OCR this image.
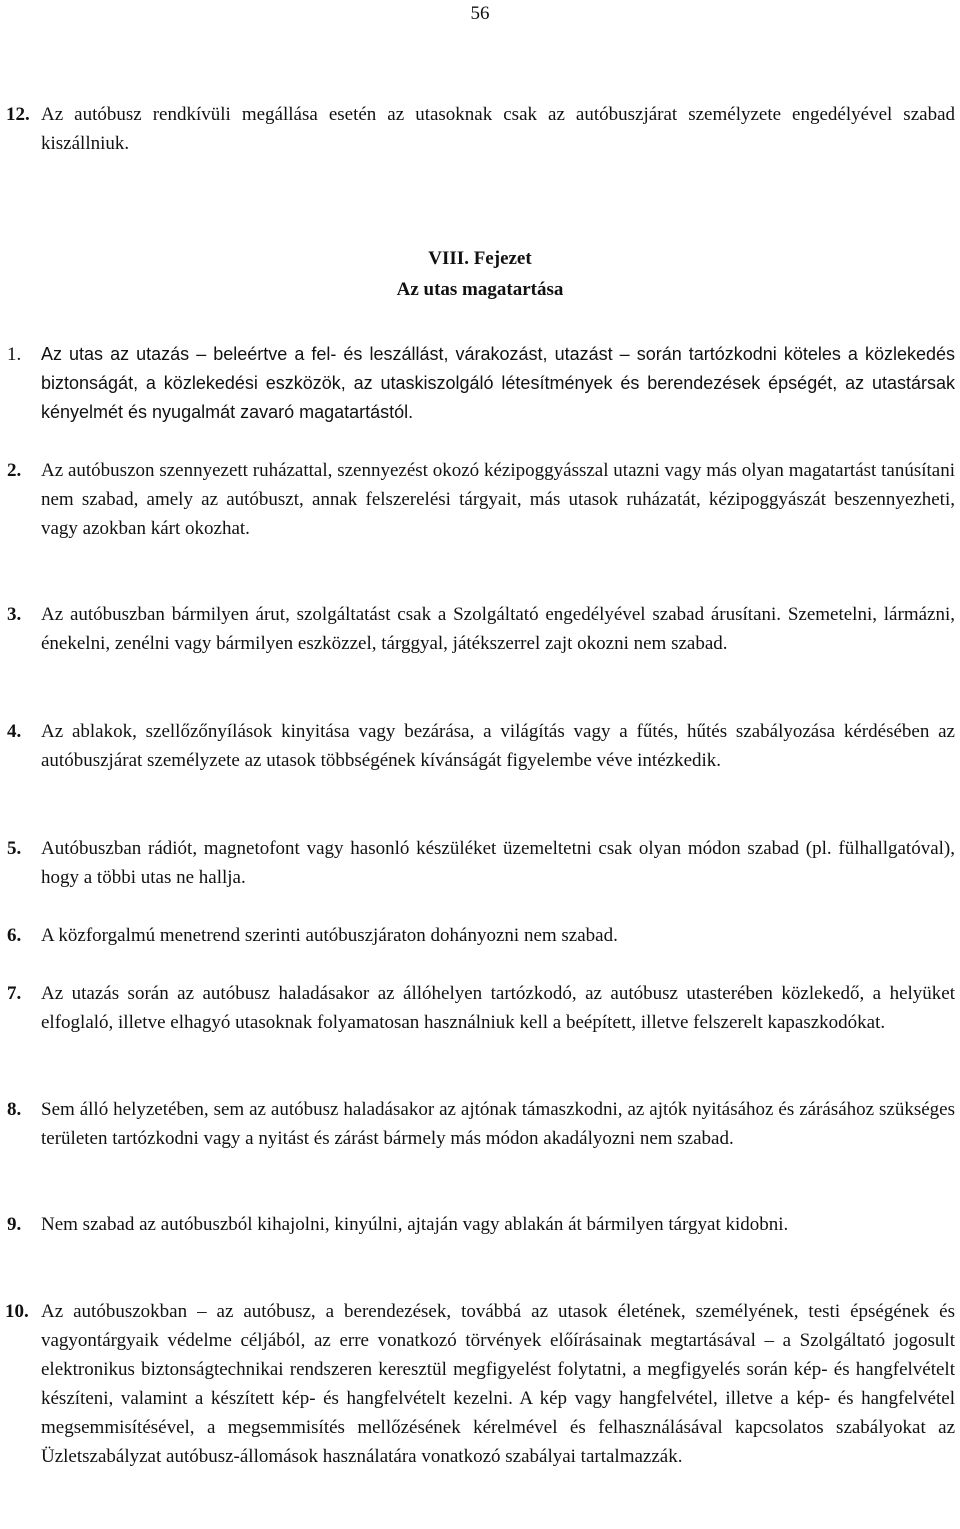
56
12. Az autóbusz rendkívüli megállása esetén az utasoknak csak az autóbuszjárat személyzete engedélyével szabad kiszállniuk.
VIII. Fejezet
Az utas magatartása
1. Az utas az utazás – beleértve a fel- és leszállást, várakozást, utazást – során tartózkodni köteles a közlekedés biztonságát, a közlekedési eszközök, az utaskiszolgáló létesítmények és berendezések épségét, az utastársak kényelmét és nyugalmát zavaró magatartástól.
2. Az autóbuszon szennyezett ruházattal, szennyezést okozó kézipoggyásszal utazni vagy más olyan magatartást tanúsítani nem szabad, amely az autóbuszt, annak felszerelési tárgyait, más utasok ruházatát, kézipoggyászát beszennyezheti, vagy azokban kárt okozhat.
3. Az autóbuszban bármilyen árut, szolgáltatást csak a Szolgáltató engedélyével szabad árusítani. Szemetelni, lármázni, énekelni, zenélni vagy bármilyen eszközzel, tárggyal, játékszerrel zajt okozni nem szabad.
4. Az ablakok, szellőzőnyílások kinyitása vagy bezárása, a világítás vagy a fűtés, hűtés szabályozása kérdésében az autóbuszjárat személyzete az utasok többségének kívánságát figyelembe véve intézkedik.
5. Autóbuszban rádiót, magnetofont vagy hasonló készüléket üzemeltetni csak olyan módon szabad (pl. fülhallgatóval), hogy a többi utas ne hallja.
6. A közforgalmú menetrend szerinti autóbuszjáraton dohányozni nem szabad.
7. Az utazás során az autóbusz haladásakor az állóhelyen tartózkodó, az autóbusz utasterében közlekedő, a helyüket elfoglaló, illetve elhagyó utasoknak folyamatosan használniuk kell a beépített, illetve felszerelt kapaszkodókat.
8. Sem álló helyzetében, sem az autóbusz haladásakor az ajtónak támaszkodni, az ajtók nyitásához és zárásához szükséges területen tartózkodni vagy a nyitást és zárást bármely más módon akadályozni nem szabad.
9. Nem szabad az autóbuszból kihajolni, kinyúlni, ajtaján vagy ablakán át bármilyen tárgyat kidobni.
10. Az autóbuszokban – az autóbusz, a berendezések, továbbá az utasok életének, személyének, testi épségének és vagyontárgyaik védelme céljából, az erre vonatkozó törvények előírásainak megtartásával – a Szolgáltató jogosult elektronikus biztonságtechnikai rendszeren keresztül megfigyelést folytatni, a megfigyelés során kép- és hangfelvételt készíteni, valamint a készített kép- és hangfelvételt kezelni. A kép vagy hangfelvétel, illetve a kép- és hangfelvétel megsemmisítésével, a megsemmisítés mellőzésének kérelmével és felhasználásával kapcsolatos szabályokat az Üzletszabályzat autóbusz-állomások használatára vonatkozó szabályai tartalmazzák.
